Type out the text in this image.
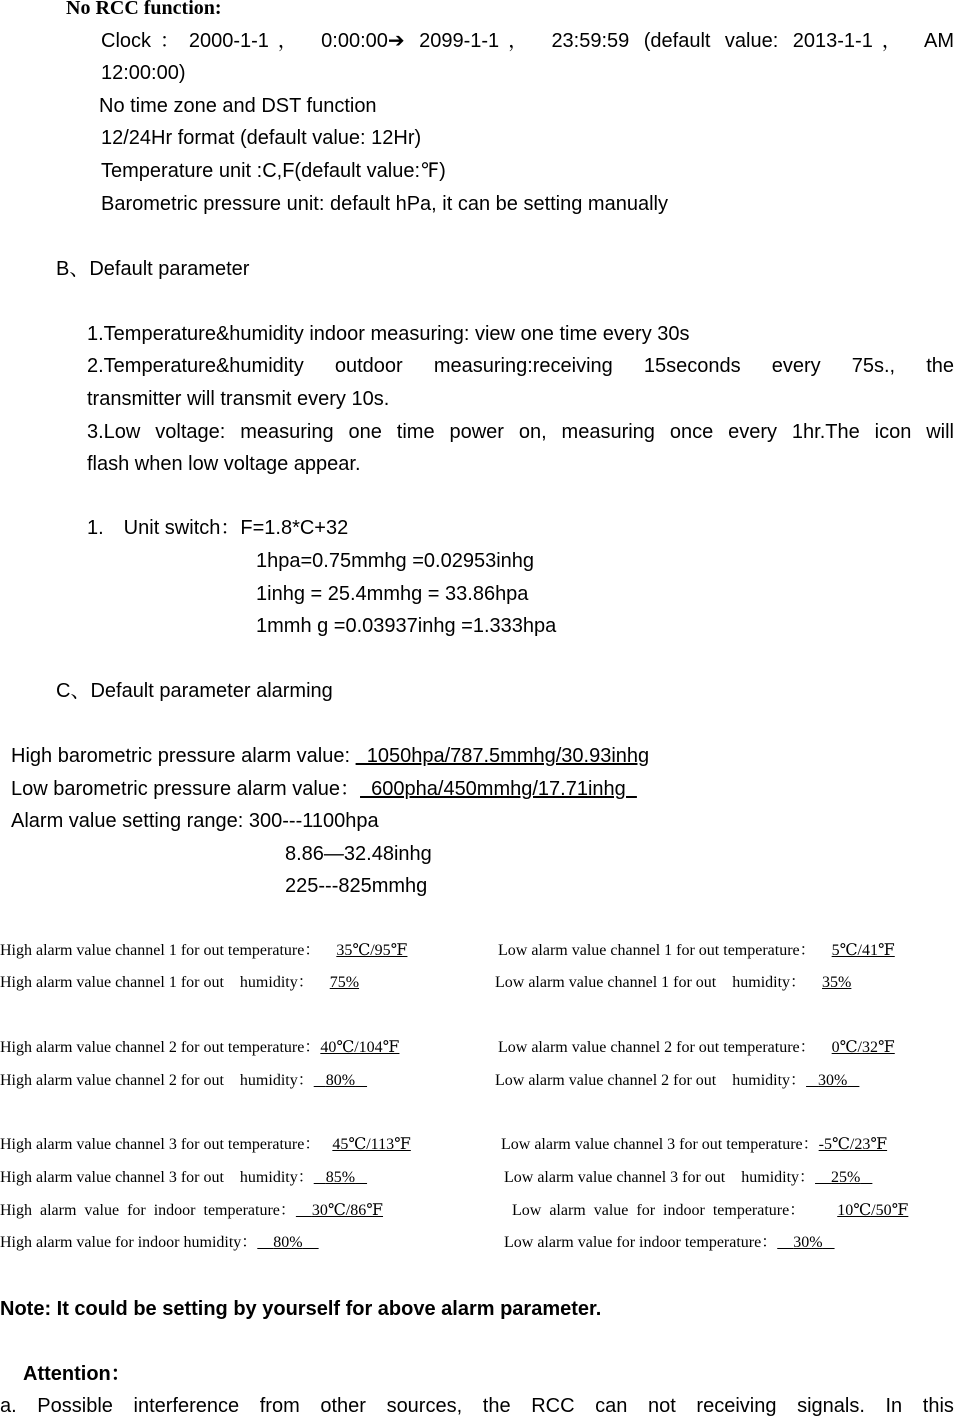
No RCC function:
Clock：2000-1-1， 0:00:00➔ 2099-1-1， 23:59:59 (default value: 2013-1-1， AM
12:00:00)
No time zone and DST function
12/24Hr format (default value: 12Hr)
Temperature unit :C,F(default value:℉)
Barometric pressure unit: default hPa, it can be setting manually
B、Default parameter
1.Temperature&humidity indoor measuring: view one time every 30s
2.Temperature&humidity outdoor measuring:receiving 15seconds every 75s., the
transmitter will transmit every 10s.
3.Low voltage: measuring one time power on, measuring once every 1hr.The icon will
flash when low voltage appear.
1. Unit switch：F=1.8*C+32
1hpa=0.75mmhg =0.02953inhg
1inhg = 25.4mmhg = 33.86hpa
1mmh g =0.03937inhg =1.333hpa
C、Default parameter alarming
High barometric pressure alarm value:   1050hpa/787.5mmhg/30.93inhg
Low barometric pressure alarm value：  600pha/450mmhg/17.71inhg
Alarm value setting range: 300---1100hpa
8.86—32.48inhg
225---825mmhg
High alarm value channel 1 for out temperature： 35℃/95℉	Low alarm value channel 1 for out temperature： 5℃/41℉
High alarm value channel 1 for out humidity： 75%	Low alarm value channel 1 for out humidity： 35%
High alarm value channel 2 for out temperature：40℃/104℉	Low alarm value channel 2 for out temperature： 0℃/32℉
High alarm value channel 2 for out humidity： 80%	Low alarm value channel 2 for out humidity： 30%
High alarm value channel 3 for out temperature： 45℃/113℉	Low alarm value channel 3 for out temperature：-5℃/23℉
High alarm value channel 3 for out humidity： 85%	Low alarm value channel 3 for out humidity： 25%
High alarm value for indoor temperature： 30℃/86℉	Low alarm value for indoor temperature： 10℃/50℉
High alarm value for indoor humidity： 80%	Low alarm value for indoor temperature： 30%
Note: It could be setting by yourself for above alarm parameter.
Attention：
a. Possible interference from other sources, the RCC can not receiving signals. In this
